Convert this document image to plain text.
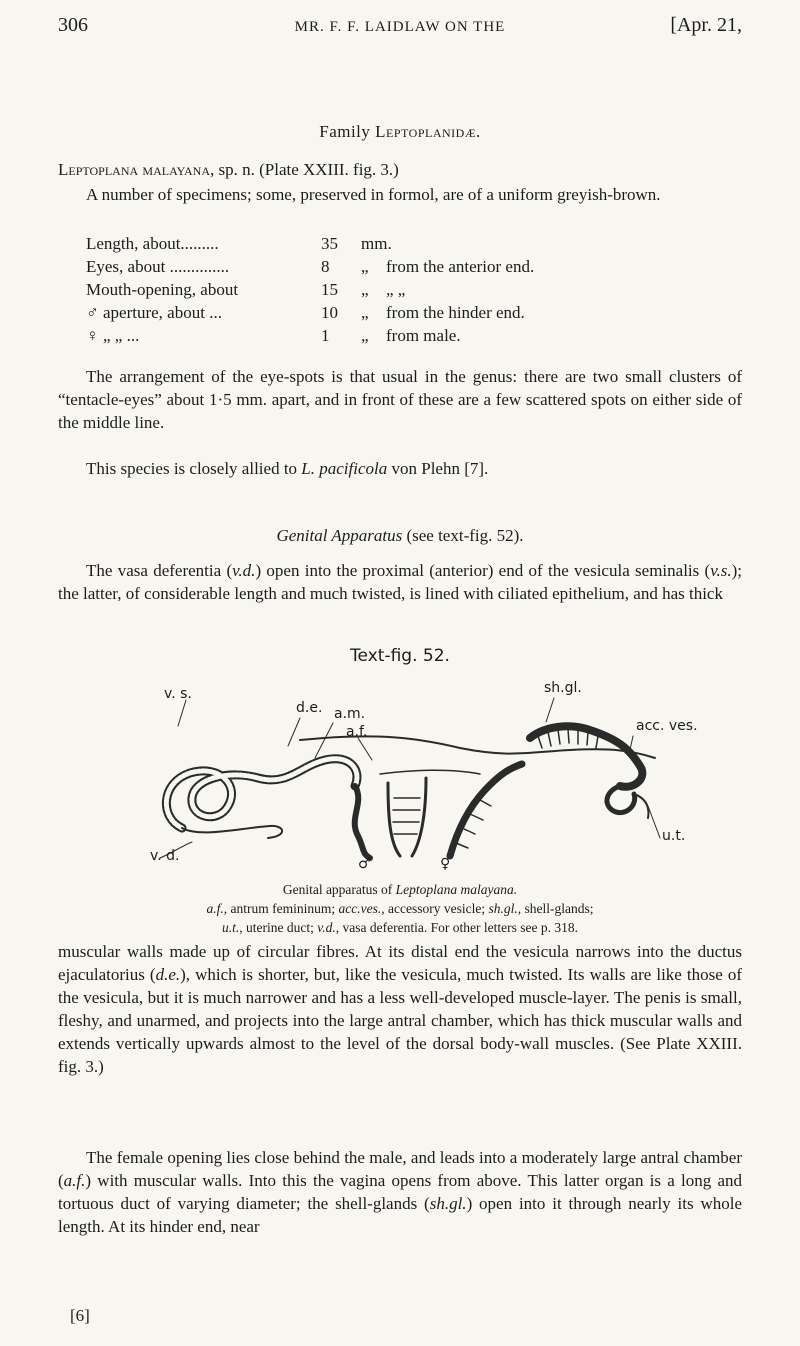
306	MR. F. F. LAIDLAW ON THE	[Apr. 21,
Family Leptoplanidæ.
Leptoplana malayana, sp. n. (Plate XXIII. fig. 3.)
A number of specimens; some, preserved in formol, are of a uniform greyish-brown.
Length, about.........	35 mm.
Eyes, about ..............	8 „ from the anterior end.
Mouth-opening, about	15 „ „ „
♂ aperture, about ...	10 „ from the hinder end.
♀ „ „ ...	1 „ from male.
The arrangement of the eye-spots is that usual in the genus: there are two small clusters of “tentacle-eyes” about 1·5 mm. apart, and in front of these are a few scattered spots on either side of the middle line.
This species is closely allied to L. pacificola von Plehn [7].
Genital Apparatus (see text-fig. 52).
The vasa deferentia (v.d.) open into the proximal (anterior) end of the vesicula seminalis (v.s.); the latter, of considerable length and much twisted, is lined with ciliated epithelium, and has thick
Text-fig. 52.
v. s.
d.e. a.m.
a.f.
sh.gl.
acc. ves.
u.t.
v. d.	♂	♀
Genital apparatus of Leptoplana malayana.
a.f., antrum femininum; acc.ves., accessory vesicle; sh.gl., shell-glands;
u.t., uterine duct; v.d., vasa deferentia. For other letters see p. 318.
muscular walls made up of circular fibres. At its distal end the vesicula narrows into the ductus ejaculatorius (d.e.), which is shorter, but, like the vesicula, much twisted. Its walls are like those of the vesicula, but it is much narrower and has a less well-developed muscle-layer. The penis is small, fleshy, and unarmed, and projects into the large antral chamber, which has thick muscular walls and extends vertically upwards almost to the level of the dorsal body-wall muscles. (See Plate XXIII. fig. 3.)
The female opening lies close behind the male, and leads into a moderately large antral chamber (a.f.) with muscular walls. Into this the vagina opens from above. This latter organ is a long and tortuous duct of varying diameter; the shell-glands (sh.gl.) open into it through nearly its whole length. At its hinder end, near
[6]
